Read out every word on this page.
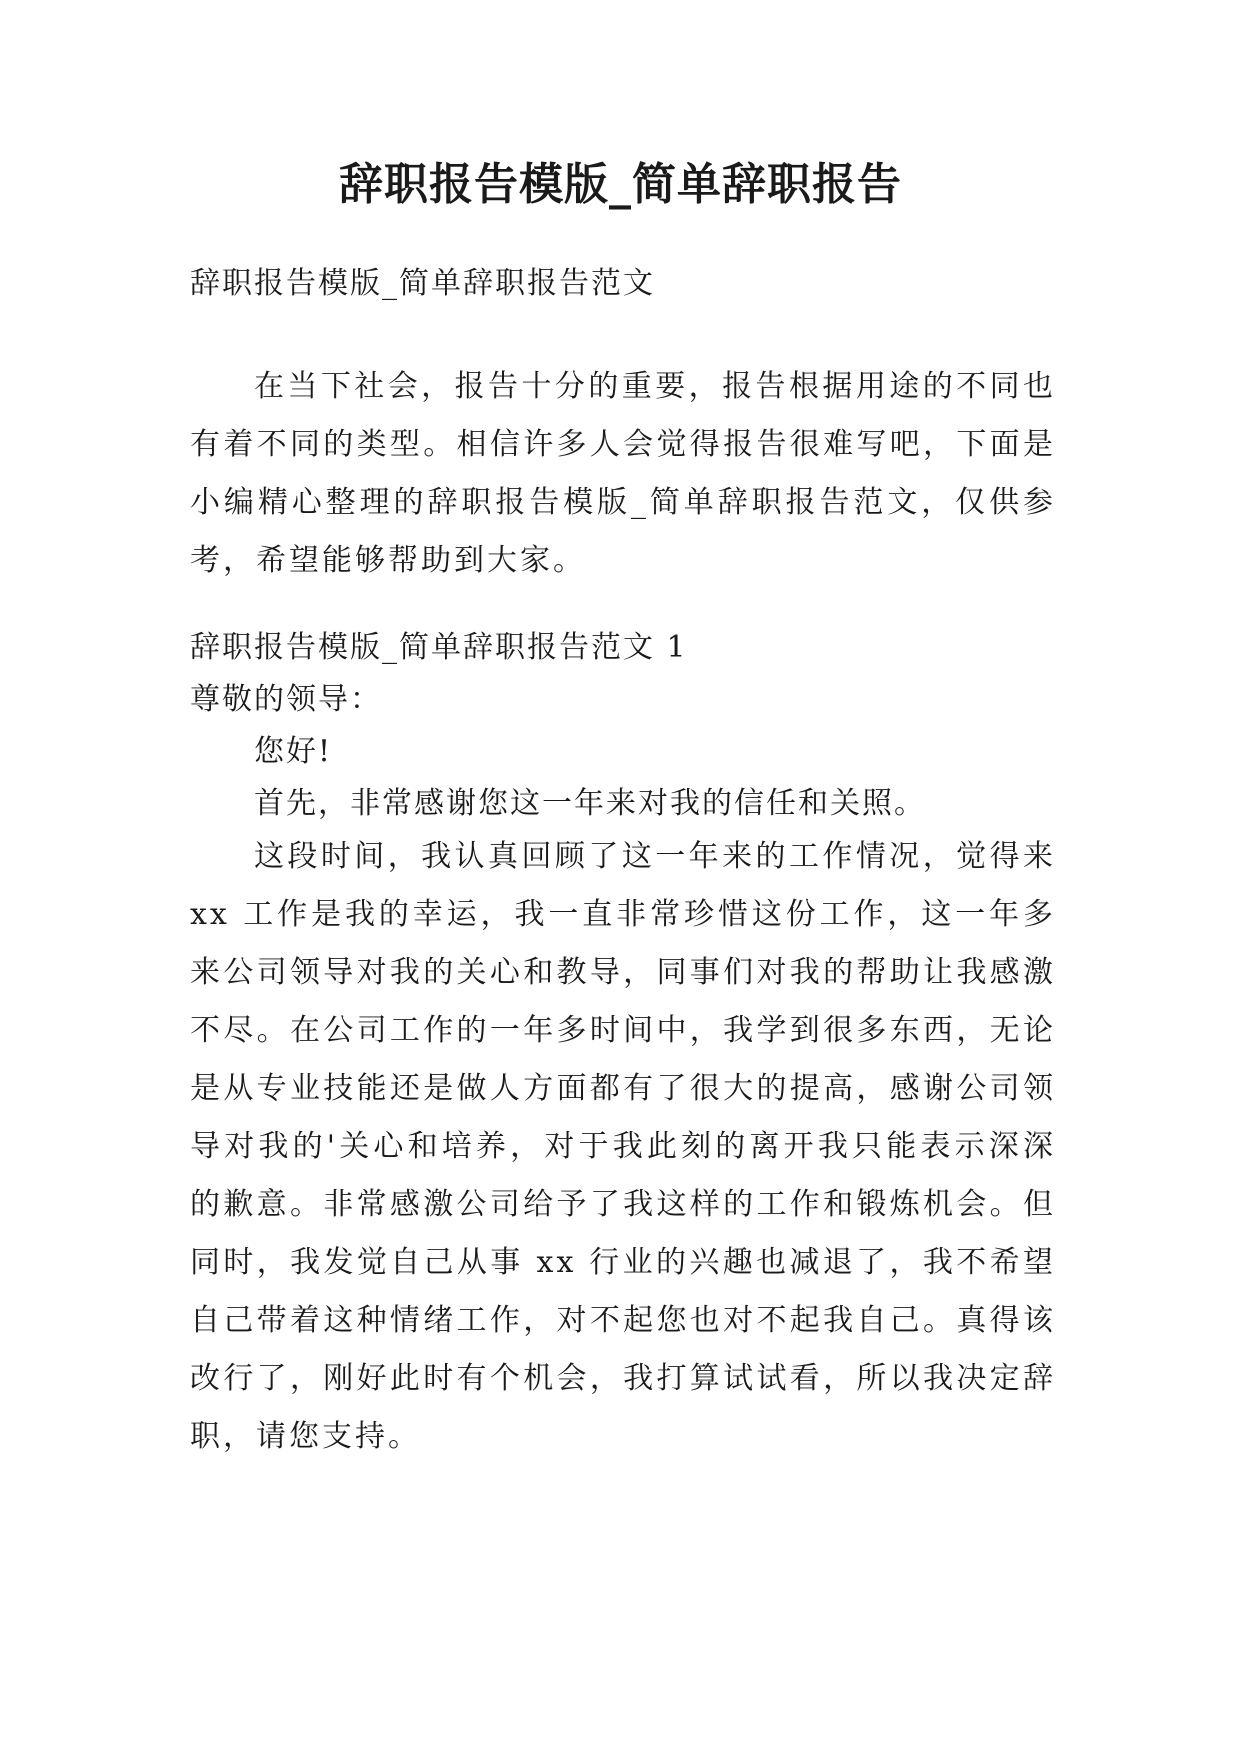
辞职报告模版_简单辞职报告
辞职报告模版_简单辞职报告范文
在当下社会，报告十分的重要，报告根据用途的不同也有着不同的类型。相信许多人会觉得报告很难写吧，下面是小编精心整理的辞职报告模版_简单辞职报告范文，仅供参考，希望能够帮助到大家。
辞职报告模版_简单辞职报告范文 1
尊敬的领导：
您好!
首先，非常感谢您这一年来对我的信任和关照。
这段时间，我认真回顾了这一年来的工作情况，觉得来 xx 工作是我的幸运，我一直非常珍惜这份工作，这一年多来公司领导对我的关心和教导，同事们对我的帮助让我感激不尽。在公司工作的一年多时间中，我学到很多东西，无论是从专业技能还是做人方面都有了很大的提高，感谢公司领导对我的'关心和培养，对于我此刻的离开我只能表示深深的歉意。非常感激公司给予了我这样的工作和锻炼机会。但同时，我发觉自己从事 xx 行业的兴趣也减退了，我不希望自己带着这种情绪工作，对不起您也对不起我自己。真得该改行了，刚好此时有个机会，我打算试试看，所以我决定辞职，请您支持。
